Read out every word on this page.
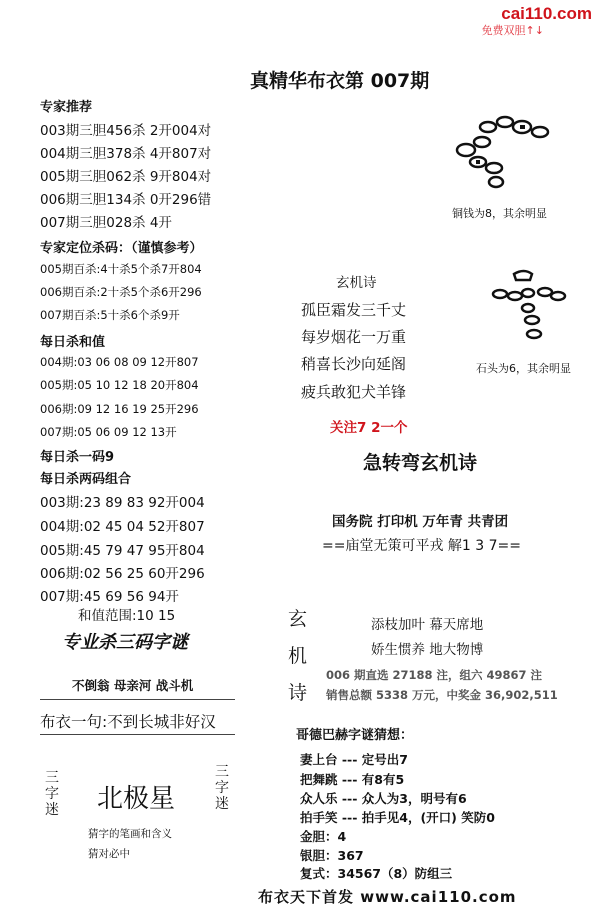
cai110.com
免费双胆↑↓
真精华布衣第 007期
专家推荐
003期三胆456杀 2开004对
004期三胆378杀 4开807对
005期三胆062杀 9开804对
006期三胆134杀 0开296错
007期三胆028杀 4开
专家定位杀码：（谨慎参考）
005期百杀:4十杀5个杀7开804
006期百杀:2十杀5个杀6开296
007期百杀:5十杀6个杀9开
每日杀和值
004期:03 06 08 09 12开807
005期:05 10 12 18 20开804
006期:09 12 16 19 25开296
007期:05 06 09 12 13开
每日杀一码9
每日杀两码组合
003期:23 89 83 92开004
004期:02 45 04 52开807
005期:45 79 47 95开804
006期:02 56 25 60开296
007期:45 69 56 94开
和值范围:10 15
专业杀三码字谜
不倒翁 母亲河 战斗机
布衣一句:不到长城非好汉
三字迷 北极星
三字迷
猜字的笔画和含义
猜对必中
铜钱为8，其余明显
石头为6，其余明显
玄机诗
孤臣霜发三千丈
每岁烟花一万重
稍喜长沙向延阁
疲兵敢犯犬羊锋
关注7 2一个
急转弯玄机诗
国务院 打印机 万年青 共青团
==庙堂无策可平戎 解1 3 7==
玄
机
诗
添枝加叶 幕天席地
娇生惯养 地大物博
006 期直选 27188 注，组六 49867 注
销售总额 5338 万元，中奖金 36,902,511
哥德巴赫字谜猜想：
妻上台 --- 定号出7
把舞跳 --- 有8有5
众人乐 --- 众人为3，明号有6
拍手笑 --- 拍手见4，(开口) 笑防0
金胆：4
银胆：367
复式：34567（8）防组三
布衣天下首发 www.cai110.com
